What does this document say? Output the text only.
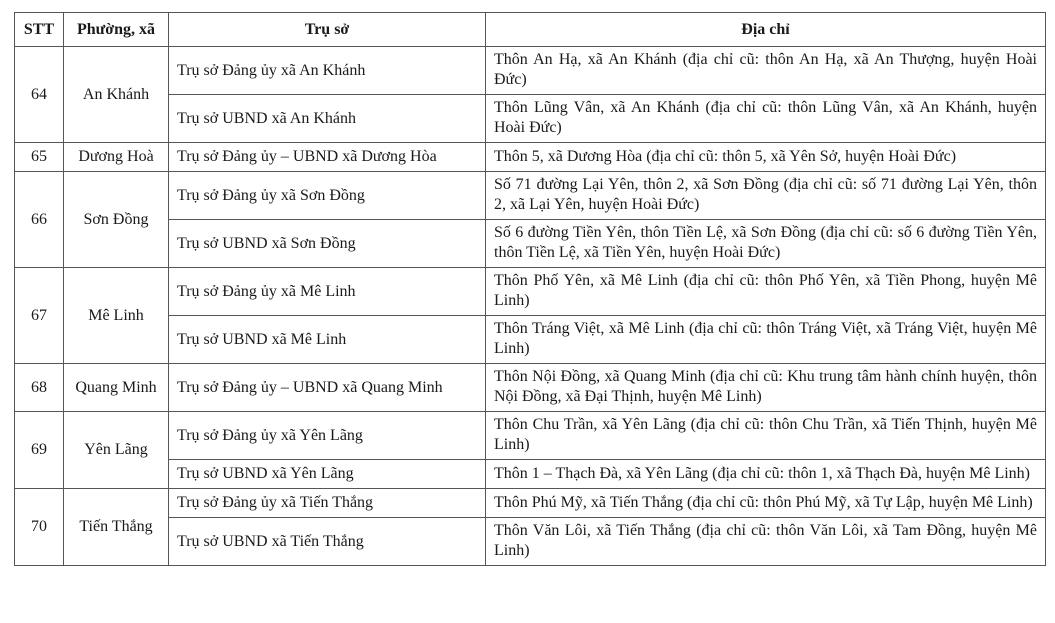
STT	Phường, xã	Trụ sở	Địa chỉ
64	An Khánh	Trụ sở Đảng ủy xã An Khánh	Thôn An Hạ, xã An Khánh (địa chỉ cũ: thôn An Hạ, xã An Thượng, huyện Hoài Đức)
		Trụ sở UBND xã An Khánh	Thôn Lũng Vân, xã An Khánh (địa chỉ cũ: thôn Lũng Vân, xã An Khánh, huyện Hoài Đức)
65	Dương Hoà	Trụ sở Đảng ủy – UBND xã Dương Hòa	Thôn 5, xã Dương Hòa (địa chỉ cũ: thôn 5, xã Yên Sở, huyện Hoài Đức)
66	Sơn Đồng	Trụ sở Đảng ủy xã Sơn Đồng	Số 71 đường Lại Yên, thôn 2, xã Sơn Đồng (địa chỉ cũ: số 71 đường Lại Yên, thôn 2, xã Lại Yên, huyện Hoài Đức)
		Trụ sở UBND xã Sơn Đồng	Số 6 đường Tiền Yên, thôn Tiền Lệ, xã Sơn Đồng (địa chỉ cũ: số 6 đường Tiền Yên, thôn Tiền Lệ, xã Tiền Yên, huyện Hoài Đức)
67	Mê Linh	Trụ sở Đảng ủy xã Mê Linh	Thôn Phố Yên, xã Mê Linh (địa chỉ cũ: thôn Phố Yên, xã Tiền Phong, huyện Mê Linh)
		Trụ sở UBND xã Mê Linh	Thôn Tráng Việt, xã Mê Linh (địa chỉ cũ: thôn Tráng Việt, xã Tráng Việt, huyện Mê Linh)
68	Quang Minh	Trụ sở Đảng ủy – UBND xã Quang Minh	Thôn Nội Đồng, xã Quang Minh (địa chỉ cũ: Khu trung tâm hành chính huyện, thôn Nội Đồng, xã Đại Thịnh, huyện Mê Linh)
69	Yên Lãng	Trụ sở Đảng ủy xã Yên Lãng	Thôn Chu Trần, xã Yên Lãng (địa chỉ cũ: thôn Chu Trần, xã Tiến Thịnh, huyện Mê Linh)
		Trụ sở UBND xã Yên Lãng	Thôn 1 – Thạch Đà, xã Yên Lãng (địa chỉ cũ: thôn 1, xã Thạch Đà, huyện Mê Linh)
70	Tiến Thắng	Trụ sở Đảng ủy xã Tiến Thắng	Thôn Phú Mỹ, xã Tiến Thắng (địa chỉ cũ: thôn Phú Mỹ, xã Tự Lập, huyện Mê Linh)
		Trụ sở UBND xã Tiến Thắng	Thôn Văn Lôi, xã Tiến Thắng (địa chỉ cũ: thôn Văn Lôi, xã Tam Đồng, huyện Mê Linh)
